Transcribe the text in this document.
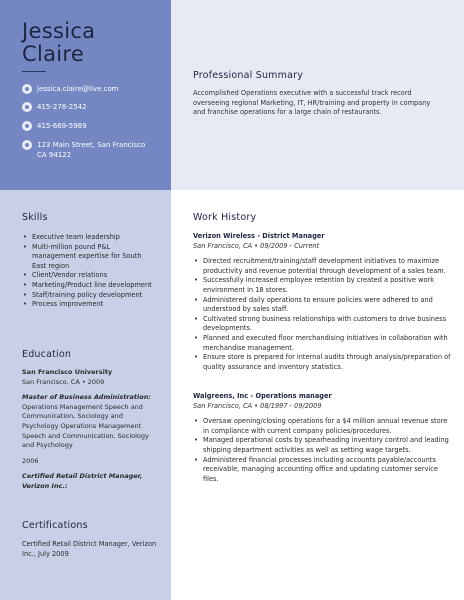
Jessica
Claire
jessica.claire@live.com
415-278-2542
415-669-5989
123 Main Street, San Francisco CA 94122
Professional Summary
Accomplished Operations executive with a successful track record overseeing regional Marketing, IT, HR/training and property in company and franchise operations for a large chain of restaurants.
Skills
• Executive team leadership
• Multi-million pound P&L management expertise for South East region
• Client/Vendor relations
• Marketing/Product line development
• Staff/training policy development
• Process improvement
Education
San Francisco University
San Francisco, CA • 2009
Master of Business Administration:
Operations Management Speech and Communication, Sociology and Psychology Operations Management Speech and Communication, Sociology and Psychology
2006
Certified Retail District Manager, Verizon Inc.:
Certifications
Certified Retail District Manager, Verizon Inc., July 2009
Work History
Verizon Wireless - District Manager
San Francisco, CA • 09/2009 - Current
• Directed recruitment/training/staff development initiatives to maximize productivity and revenue potential through development of a sales team.
• Successfully increased employee retention by created a positive work environment in 18 stores.
• Administered daily operations to ensure policies were adhered to and understood by sales staff.
• Cultivated strong business relationships with customers to drive business developments.
• Planned and executed floor merchandising initiatives in collaboration with merchandise management.
• Ensure store is prepared for internal audits through analysis/preparation of quality assurance and inventory statistics.
Walgreens, Inc - Operations manager
San Francisco, CA • 08/1997 - 09/2009
• Oversaw opening/closing operations for a $4 million annual revenue store in compliance with current company policies/procedures.
• Managed operational costs by spearheading inventory control and leading shipping department activities as well as setting wage targets.
• Administered financial processes including accounts payable/accounts receivable, managing accounting office and updating customer service files.
